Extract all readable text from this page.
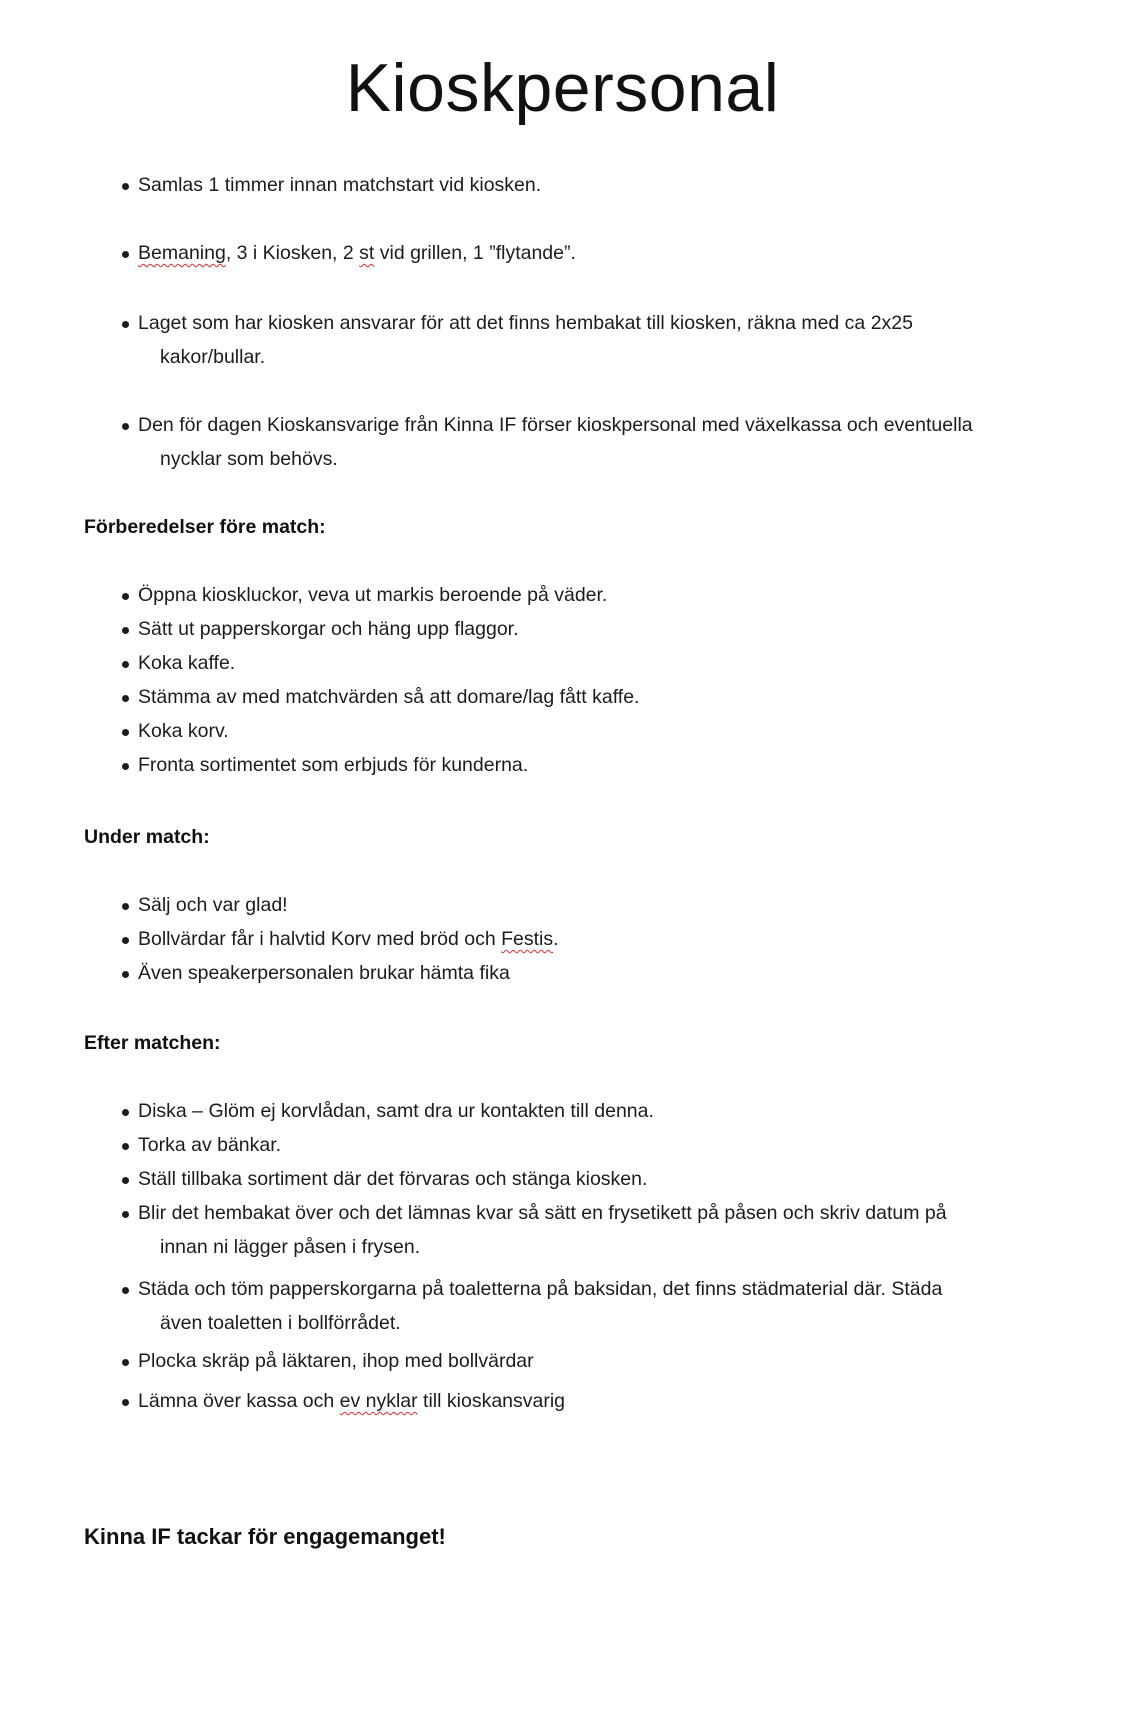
Kioskpersonal
Samlas 1 timmer innan matchstart vid kiosken.
Bemaning, 3 i Kiosken, 2 st vid grillen, 1 ”flytande”.
Laget som har kiosken ansvarar för att det finns hembakat till kiosken, räkna med ca 2x25
kakor/bullar.
Den för dagen Kioskansvarige från Kinna IF förser kioskpersonal med växelkassa och eventuella
nycklar som behövs.
Förberedelser före match:
Öppna kioskluckor, veva ut markis beroende på väder.
Sätt ut papperskorgar och häng upp flaggor.
Koka kaffe.
Stämma av med matchvärden så att domare/lag fått kaffe.
Koka korv.
Fronta sortimentet som erbjuds för kunderna.
Under match:
Sälj och var glad!
Bollvärdar får i halvtid Korv med bröd och Festis.
Även speakerpersonalen brukar hämta fika
Efter matchen:
Diska – Glöm ej korvlådan, samt dra ur kontakten till denna.
Torka av bänkar.
Ställ tillbaka sortiment där det förvaras och stänga kiosken.
Blir det hembakat över och det lämnas kvar så sätt en frysetikett på påsen och skriv datum på
innan ni lägger påsen i frysen.
Städa och töm papperskorgarna på toaletterna på baksidan, det finns städmaterial där. Städa
även toaletten i bollförrådet.
Plocka skräp på läktaren, ihop med bollvärdar
Lämna över kassa och ev nyklar till kioskansvarig
Kinna IF tackar för engagemanget!
